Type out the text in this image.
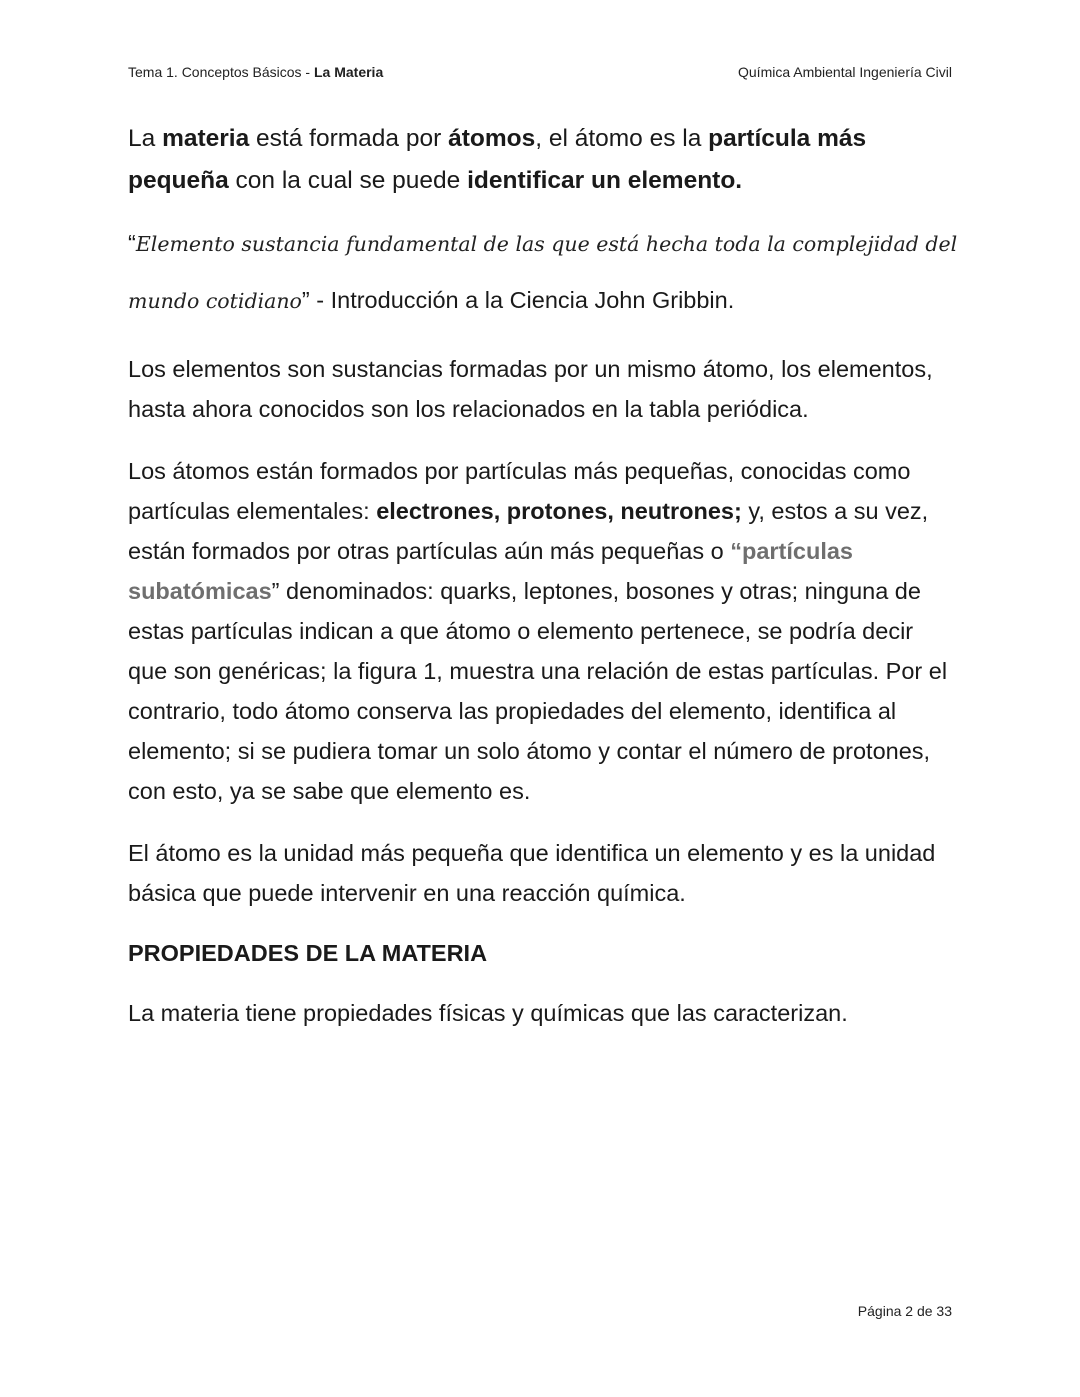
Tema 1. Conceptos Básicos - La Materia	Química Ambiental Ingeniería Civil

La materia está formada por átomos, el átomo es la partícula más pequeña con la cual se puede identificar un elemento.

“Elemento sustancia fundamental de las que está hecha toda la complejidad del mundo cotidiano” - Introducción a la Ciencia John Gribbin.

Los elementos son sustancias formadas por un mismo átomo, los elementos, hasta ahora conocidos son los relacionados en la tabla periódica.

Los átomos están formados por partículas más pequeñas, conocidas como partículas elementales: electrones, protones, neutrones; y, estos a su vez, están formados por otras partículas aún más pequeñas o “partículas subatómicas” denominados: quarks, leptones, bosones y otras; ninguna de estas partículas indican a que átomo o elemento pertenece, se podría decir que son genéricas; la figura 1, muestra una relación de estas partículas. Por el contrario, todo átomo conserva las propiedades del elemento, identifica al elemento; si se pudiera tomar un solo átomo y contar el número de protones, con esto, ya se sabe que elemento es.

El átomo es la unidad más pequeña que identifica un elemento y es la unidad básica que puede intervenir en una reacción química.

PROPIEDADES DE LA MATERIA

La materia tiene propiedades físicas y químicas que las caracterizan.

Página 2 de 33
